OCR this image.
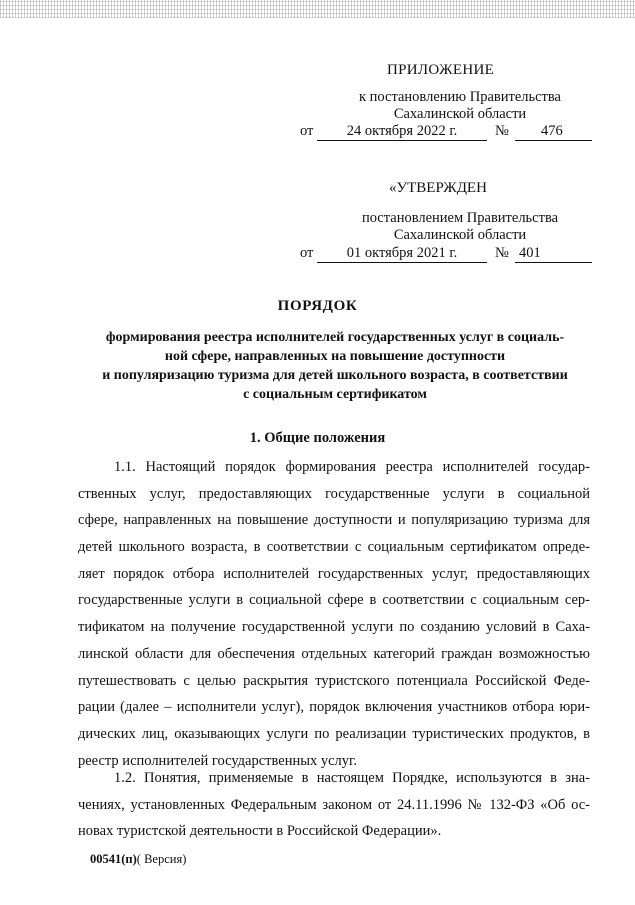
ПРИЛОЖЕНИЕ
к постановлению Правительства
Сахалинской области
от	24 октября 2022 г.	№ 476
«УТВЕРЖДЕН
постановлением Правительства
Сахалинской области
от	01 октября 2021 г.	№ 401
ПОРЯДОК
формирования реестра исполнителей государственных услуг в социаль-
ной сфере, направленных на повышение доступности
и популяризацию туризма для детей школьного возраста, в соответствии
с социальным сертификатом
1. Общие положения
1.1. Настоящий порядок формирования реестра исполнителей государ-
ственных услуг, предоставляющих государственные услуги в социальной
сфере, направленных на повышение доступности и популяризацию туризма для
детей школьного возраста, в соответствии с социальным сертификатом опреде-
ляет порядок отбора исполнителей государственных услуг, предоставляющих
государственные услуги в социальной сфере в соответствии с социальным сер-
тификатом на получение государственной услуги по созданию условий в Саха-
линской области для обеспечения отдельных категорий граждан возможностью
путешествовать с целью раскрытия туристского потенциала Российской Феде-
рации (далее – исполнители услуг), порядок включения участников отбора юри-
дических лиц, оказывающих услуги по реализации туристических продуктов, в
реестр исполнителей государственных услуг.
1.2. Понятия, применяемые в настоящем Порядке, используются в зна-
чениях, установленных Федеральным законом от 24.11.1996 № 132-ФЗ «Об ос-
новах туристской деятельности в Российской Федерации».
00541(п)( Версия)
